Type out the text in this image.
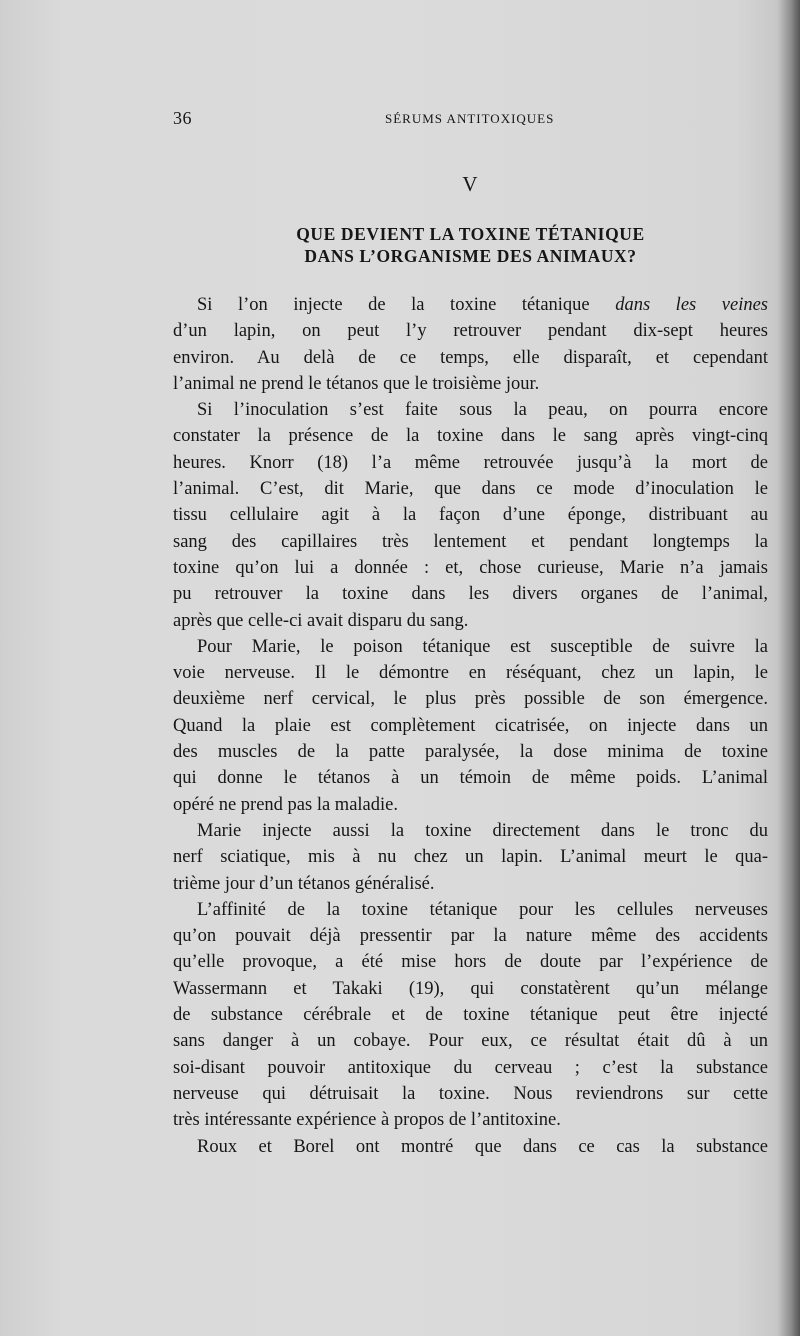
36	SÉRUMS ANTITOXIQUES
V
QUE DEVIENT LA TOXINE TÉTANIQUE
DANS L’ORGANISME DES ANIMAUX?
Si l’on injecte de la toxine tétanique dans les veines
d’un lapin, on peut l’y retrouver pendant dix-sept heures
environ. Au delà de ce temps, elle disparaît, et cependant
l’animal ne prend le tétanos que le troisième jour.
Si l’inoculation s’est faite sous la peau, on pourra encore
constater la présence de la toxine dans le sang après vingt-cinq
heures. Knorr (18) l’a même retrouvée jusqu’à la mort de
l’animal. C’est, dit Marie, que dans ce mode d’inoculation le
tissu cellulaire agit à la façon d’une éponge, distribuant au
sang des capillaires très lentement et pendant longtemps la
toxine qu’on lui a donnée : et, chose curieuse, Marie n’a jamais
pu retrouver la toxine dans les divers organes de l’animal,
après que celle-ci avait disparu du sang.
Pour Marie, le poison tétanique est susceptible de suivre la
voie nerveuse. Il le démontre en réséquant, chez un lapin, le
deuxième nerf cervical, le plus près possible de son émergence.
Quand la plaie est complètement cicatrisée, on injecte dans un
des muscles de la patte paralysée, la dose minima de toxine
qui donne le tétanos à un témoin de même poids. L’animal
opéré ne prend pas la maladie.
Marie injecte aussi la toxine directement dans le tronc du
nerf sciatique, mis à nu chez un lapin. L’animal meurt le qua-
trième jour d’un tétanos généralisé.
L’affinité de la toxine tétanique pour les cellules nerveuses
qu’on pouvait déjà pressentir par la nature même des accidents
qu’elle provoque, a été mise hors de doute par l’expérience de
Wassermann et Takaki (19), qui constatèrent qu’un mélange
de substance cérébrale et de toxine tétanique peut être injecté
sans danger à un cobaye. Pour eux, ce résultat était dû à un
soi-disant pouvoir antitoxique du cerveau ; c’est la substance
nerveuse qui détruisait la toxine. Nous reviendrons sur cette
très intéressante expérience à propos de l’antitoxine.
Roux et Borel ont montré que dans ce cas la substance
